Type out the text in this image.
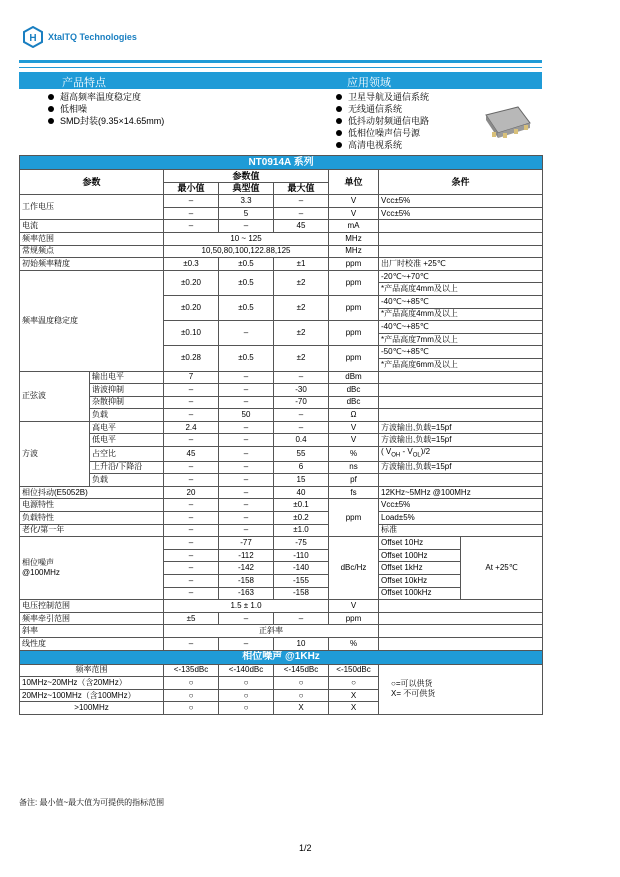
H XtalTQ Technologies
产品特点	应用领域
超高频率温度稳定度
低相噪
SMD封装(9.35×14.65mm)
卫星导航及通信系统
无线通信系统
低抖动射频通信电路
低相位噪声信号源
高清电视系统
NT0914A 系列							
参数		参数值			单位	条件	
		最小值	典型值	最大值			
工作电压		–	3.3	–	V	Vcc±5%	
		–	5	–	V	Vcc±5%	
电流		–	–	45	mA		
频率范围		10 ~ 125			MHz		
常规频点		10,50,80,100,122.88,125			MHz		
初始频率精度		±0.3	±0.5	±1	ppm	出厂时校准 +25℃	
频率温度稳定度		±0.20	±0.5	±2	ppm	-20℃~+70℃	
						*产品高度4mm及以上	
		±0.20	±0.5	±2	ppm	-40℃~+85℃	
						*产品高度4mm及以上	
		±0.10	–	±2	ppm	-40℃~+85℃	
						*产品高度7mm及以上	
		±0.28	±0.5	±2	ppm	-50℃~+85℃	
						*产品高度6mm及以上	
正弦波	输出电平	7	–	–	dBm		
	谐波抑制	–	–	-30	dBc		
	杂散抑制	–	–	-70	dBc		
	负载	–	50	–	Ω		
方波	高电平	2.4	–	–	V	方波输出,负载=15pf	
	低电平	–	–	0.4	V	方波输出,负载=15pf	
	占空比	45	–	55	%	( $V_{OH} - V_{OL})/2$	
	上升沿/下降沿	–	–	6	ns	方波输出,负载=15pf	
	负载	–	–	15	pf		
相位抖动(E5052B)		20	–	40	fs	12KHz~5MHz @100MHz	
电源特性		–	–	±0.1	ppm	Vcc±5%	
负载特性		–	–	±0.2		Load±5%	
老化/第一年		–	–	±1.0		标准	
相位噪声
@100MHz		–	-77	-75	dBc/Hz	Offset 10Hz	At +25℃
		–	-112	-110		Offset 100Hz	
		–	-142	-140		Offset 1kHz	
		–	-158	-155		Offset 10kHz	
		–	-163	-158		Offset 100kHz	
电压控制范围		1.5 ± 1.0			V		
频率牵引范围		±5	–	–	ppm		
斜率		正斜率					
线性度		–	–	10	%		
相位噪声 @1KHz							
频率范围		<-135dBc	<-140dBc	<-145dBc	<-150dBc	○=可以供货
X= 不可供货	
10MHz~20MHz（含20MHz）		○	○	○	○		
20MHz~100MHz（含100MHz）		○	○	○	X		
>100MHz		○	○	X	X		
备注: 最小值~最大值为可提供的指标范围
1/2
